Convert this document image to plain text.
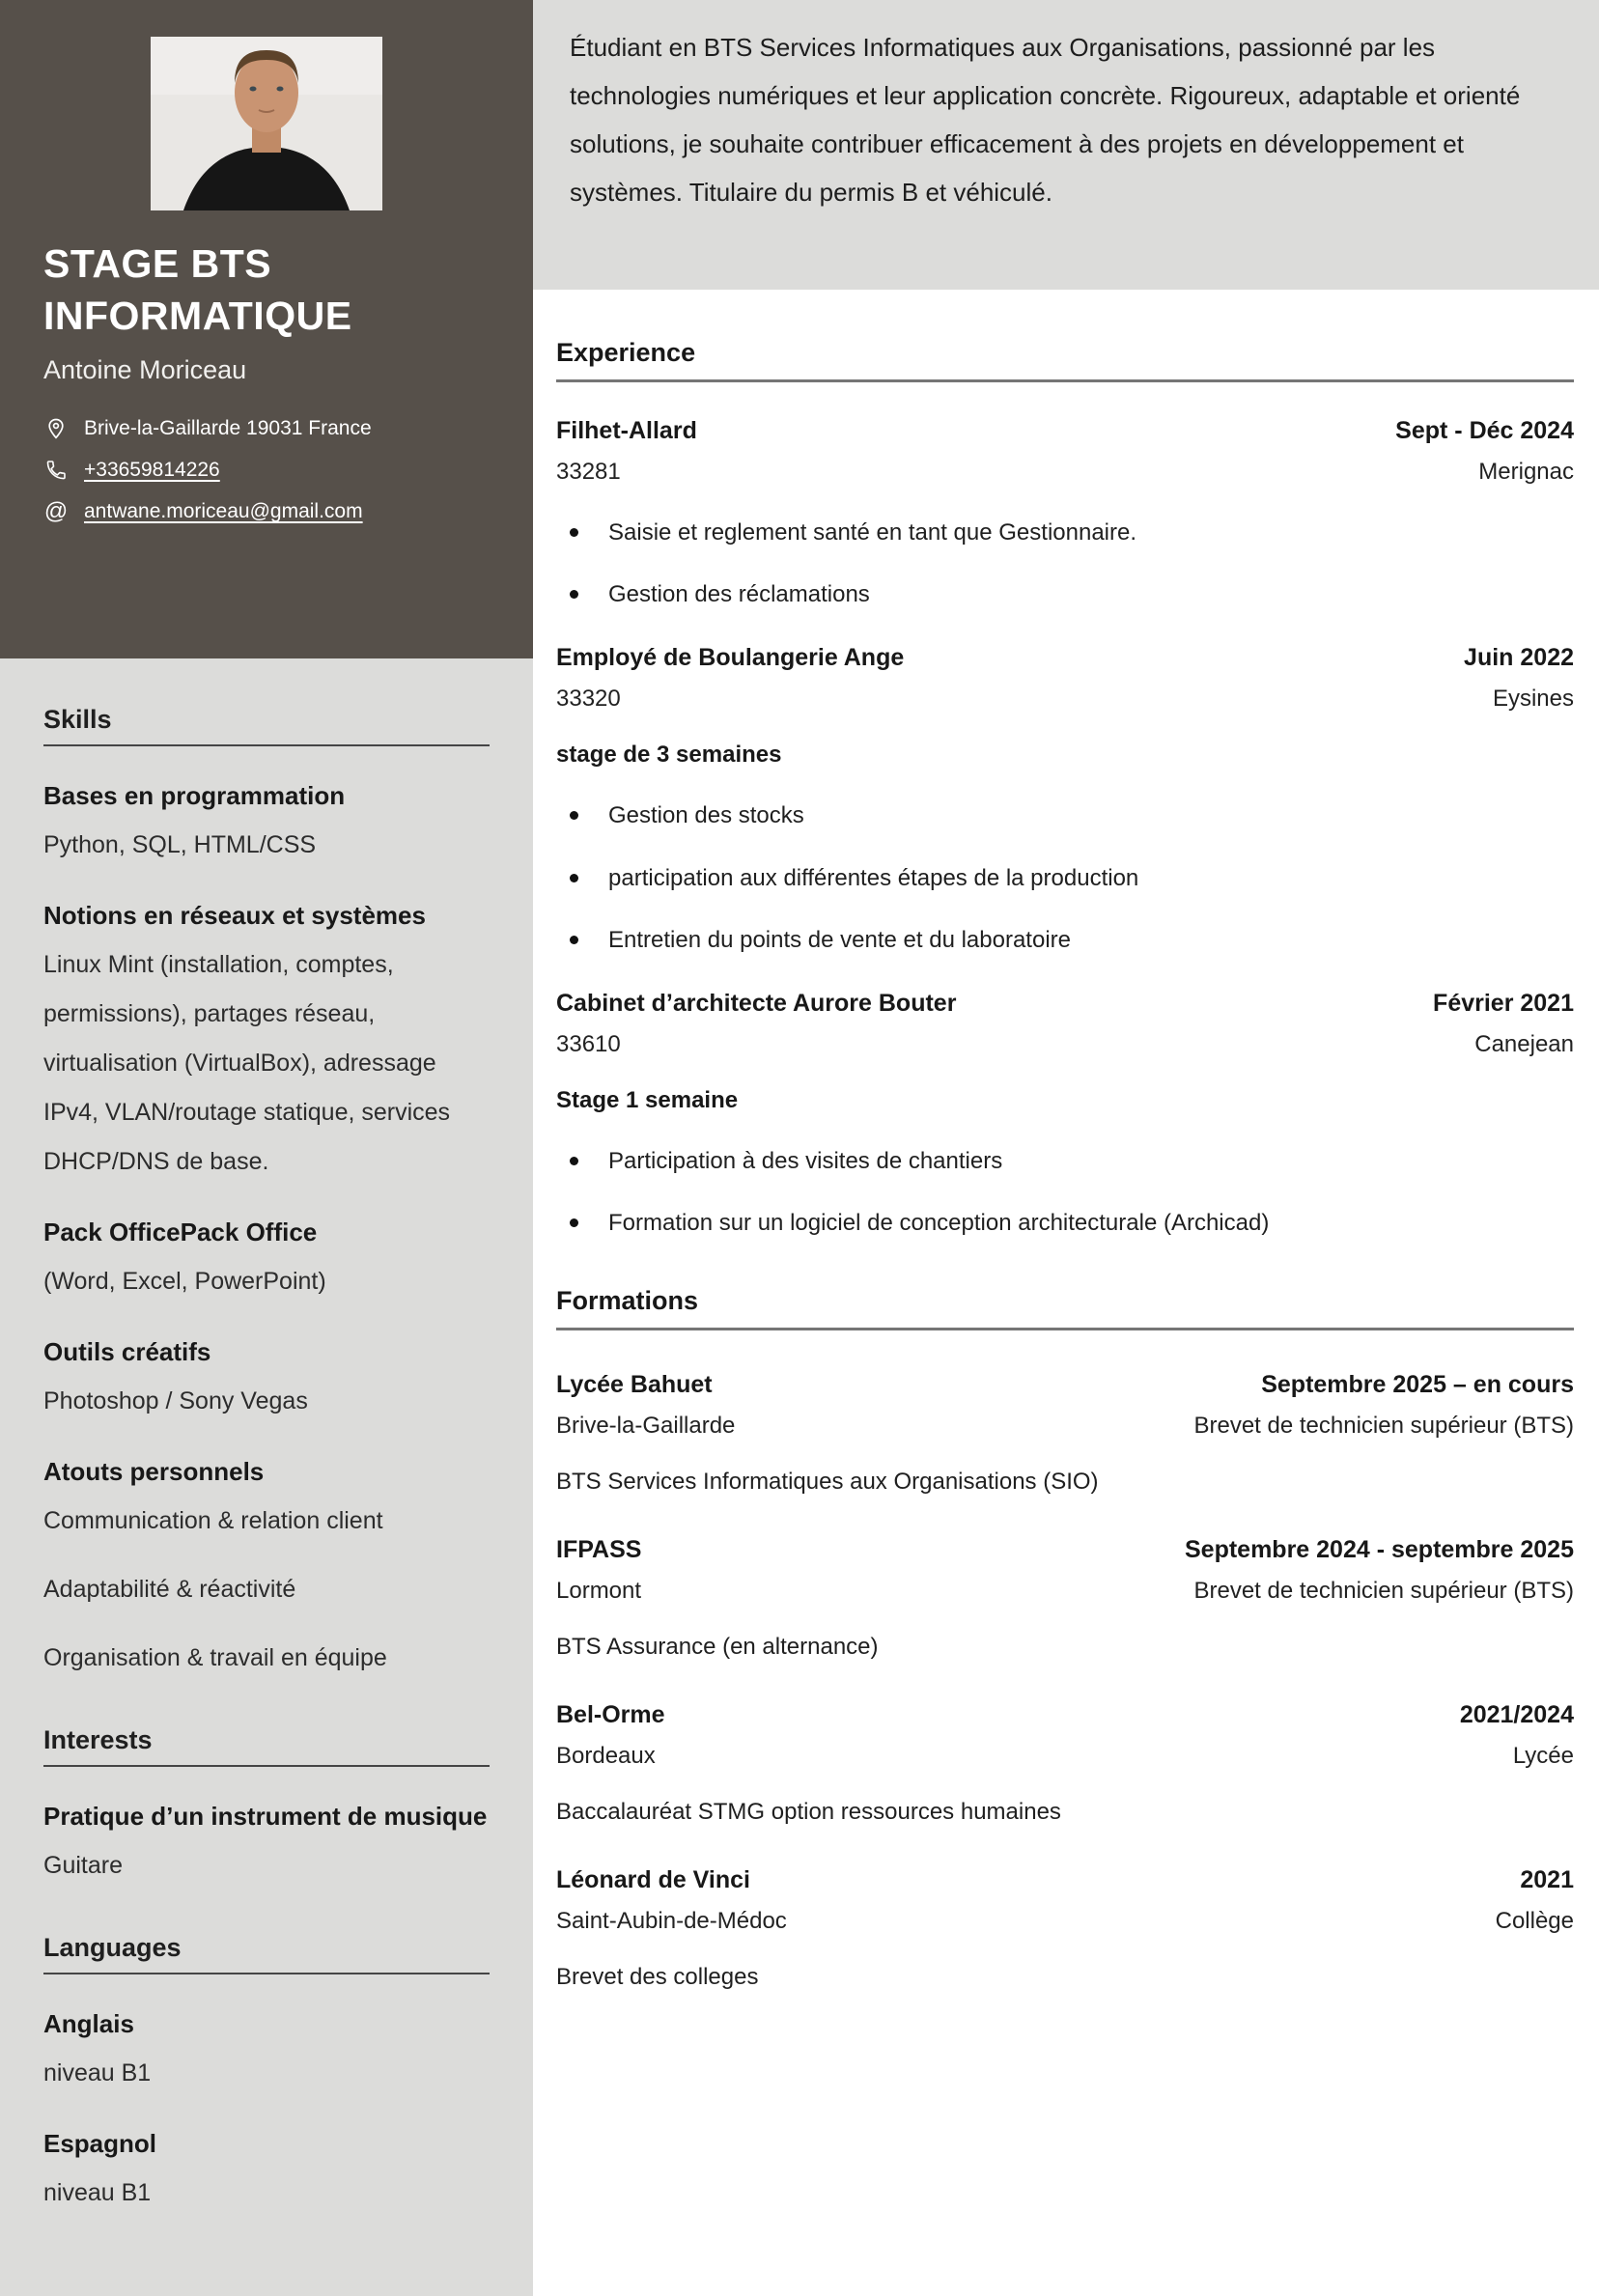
STAGE BTS INFORMATIQUE
Antoine Moriceau
Brive-la-Gaillarde 19031 France
+33659814226
@ antwane.moriceau@gmail.com
Skills
Bases en programmation
Python, SQL, HTML/CSS
Notions en réseaux et systèmes
Linux Mint (installation, comptes, permissions), partages réseau, virtualisation (VirtualBox), adressage IPv4, VLAN/routage statique, services DHCP/DNS de base.
Pack OfficePack Office
(Word, Excel, PowerPoint)
Outils créatifs
Photoshop / Sony Vegas
Atouts personnels
Communication & relation client
Adaptabilité & réactivité
Organisation & travail en équipe
Interests
Pratique d’un instrument de musique
Guitare
Languages
Anglais
niveau B1
Espagnol
niveau B1

Étudiant en BTS Services Informatiques aux Organisations, passionné par les technologies numériques et leur application concrète. Rigoureux, adaptable et orienté solutions, je souhaite contribuer efficacement à des projets en développement et systèmes. Titulaire du permis B et véhiculé.

Experience
Filhet-Allard	Sept - Déc 2024
33281	Merignac
Saisie et reglement santé en tant que Gestionnaire.
Gestion des réclamations
Employé de Boulangerie Ange	Juin 2022
33320	Eysines
stage de 3 semaines
Gestion des stocks
participation aux différentes étapes de la production
Entretien du points de vente et du laboratoire
Cabinet d’architecte Aurore Bouter	Février 2021
33610	Canejean
Stage 1 semaine
Participation à des visites de chantiers
Formation sur un logiciel de conception architecturale (Archicad)
Formations
Lycée Bahuet	Septembre 2025 – en cours
Brive-la-Gaillarde	Brevet de technicien supérieur (BTS)
BTS Services Informatiques aux Organisations (SIO)
IFPASS	Septembre 2024 - septembre 2025
Lormont	Brevet de technicien supérieur (BTS)
BTS Assurance (en alternance)
Bel-Orme	2021/2024
Bordeaux	Lycée
Baccalauréat STMG option ressources humaines
Léonard de Vinci	2021
Saint-Aubin-de-Médoc	Collège
Brevet des colleges
